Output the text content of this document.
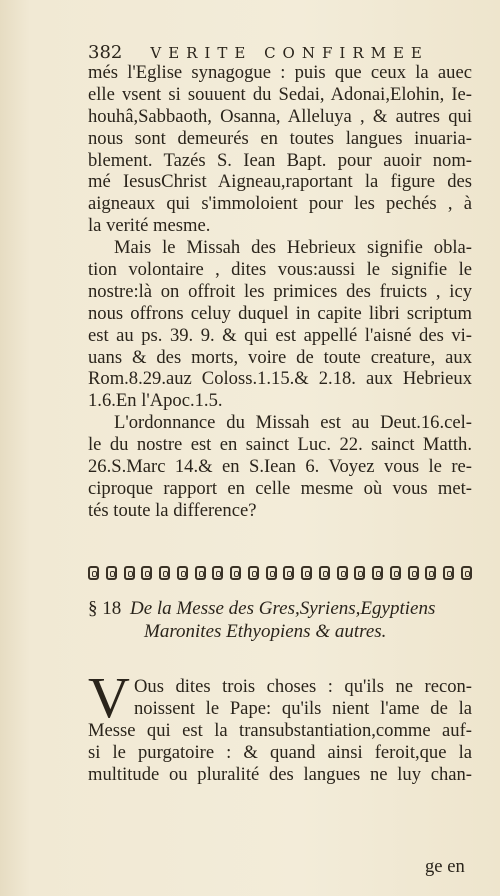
382 VERITE CONFIRMEE
més l'Eglise synagogue : puis que ceux la auec
elle vsent si souuent du Sedai, Adonai,Elohin, Ie-
houhâ,Sabbaoth, Osanna, Alleluya , & autres qui
nous sont demeurés en toutes langues inuaria-
blement. Tazés S. Iean Bapt. pour auoir nom-
mé IesusChrist Aigneau,raportant la figure des
aigneaux qui s'immoloient pour les pechés , à
la verité mesme.
Mais le Missah des Hebrieux signifie obla-
tion volontaire , dites vous:aussi le signifie le
nostre:là on offroit les primices des fruicts , icy
nous offrons celuy duquel in capite libri scriptum
est au ps. 39. 9. & qui est appellé l'aisné des vi-
uans & des morts, voire de toute creature, aux
Rom.8.29.auz Coloss.1.15.& 2.18. aux Hebrieux
1.6.En l'Apoc.1.5.
L'ordonnance du Missah est au Deut.16.cel-
le du nostre est en sainct Luc. 22. sainct Matth.
26.S.Marc 14.& en S.Iean 6. Voyez vous le re-
ciproque rapport en celle mesme où vous met-
tés toute la difference?
§ 18 De la Messe des Gres,Syriens,Egyptiens
Maronites Ethyopiens & autres.
V Ous dites trois choses : qu'ils ne recon-
noissent le Pape: qu'ils nient l'ame de la
Messe qui est la transubstantiation,comme auf-
si le purgatoire : & quand ainsi feroit,que la
multitude ou pluralité des langues ne luy chan-
ge en
